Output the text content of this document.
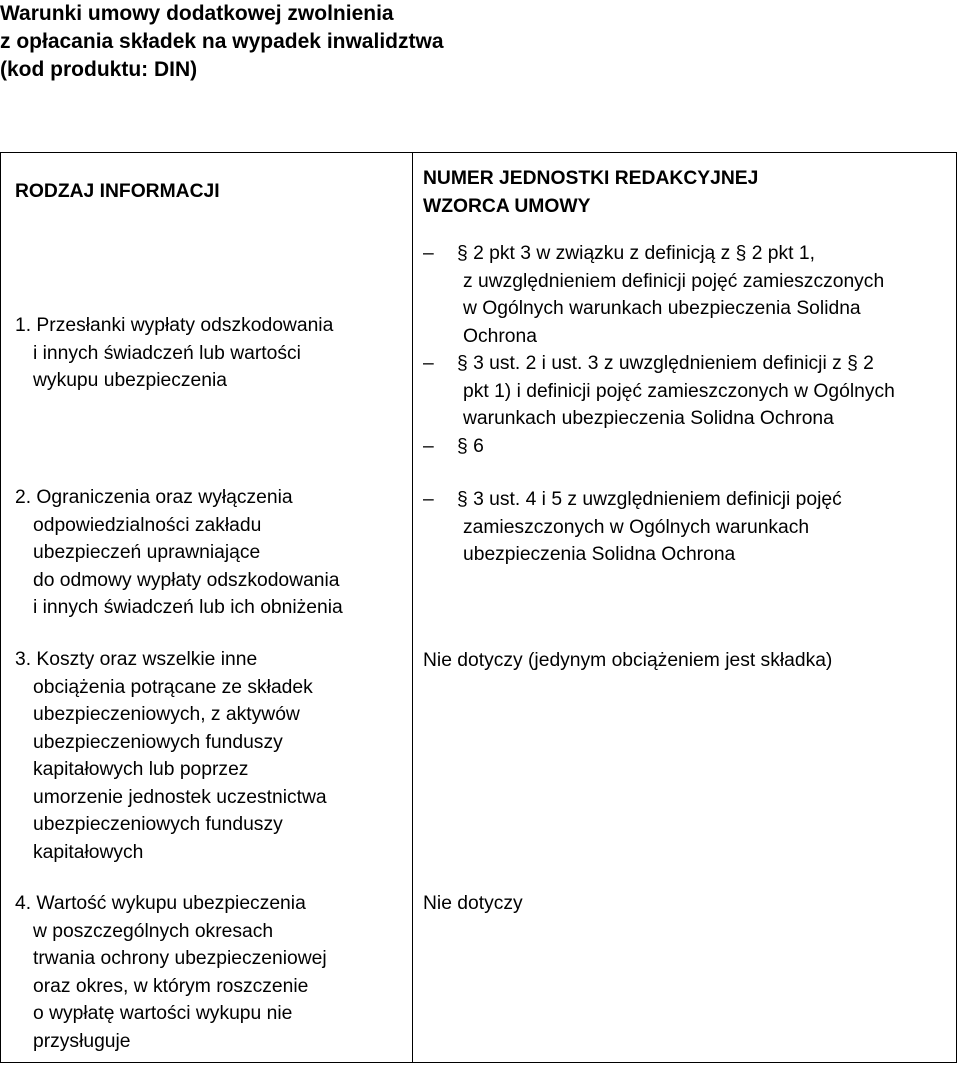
Warunki umowy dodatkowej zwolnienia
z opłacania składek na wypadek inwalidztwa
(kod produktu: DIN)
RODZAJ INFORMACJI
NUMER JEDNOSTKI REDAKCYJNEJ
WZORCA UMOWY
1. Przesłanki wypłaty odszkodowania
i innych świadczeń lub wartości
wykupu ubezpieczenia
– § 2 pkt 3 w związku z definicją z § 2 pkt 1,
z uwzględnieniem definicji pojęć zamieszczonych
w Ogólnych warunkach ubezpieczenia Solidna
Ochrona
– § 3 ust. 2 i ust. 3 z uwzględnieniem definicji z § 2
pkt 1) i definicji pojęć zamieszczonych w Ogólnych
warunkach ubezpieczenia Solidna Ochrona
– § 6
2. Ograniczenia oraz wyłączenia
odpowiedzialności zakładu
ubezpieczeń uprawniające
do odmowy wypłaty odszkodowania
i innych świadczeń lub ich obniżenia
– § 3 ust. 4 i 5 z uwzględnieniem definicji pojęć
zamieszczonych w Ogólnych warunkach
ubezpieczenia Solidna Ochrona
3. Koszty oraz wszelkie inne
obciążenia potrącane ze składek
ubezpieczeniowych, z aktywów
ubezpieczeniowych funduszy
kapitałowych lub poprzez
umorzenie jednostek uczestnictwa
ubezpieczeniowych funduszy
kapitałowych
Nie dotyczy (jedynym obciążeniem jest składka)
4. Wartość wykupu ubezpieczenia
w poszczególnych okresach
trwania ochrony ubezpieczeniowej
oraz okres, w którym roszczenie
o wypłatę wartości wykupu nie
przysługuje
Nie dotyczy
